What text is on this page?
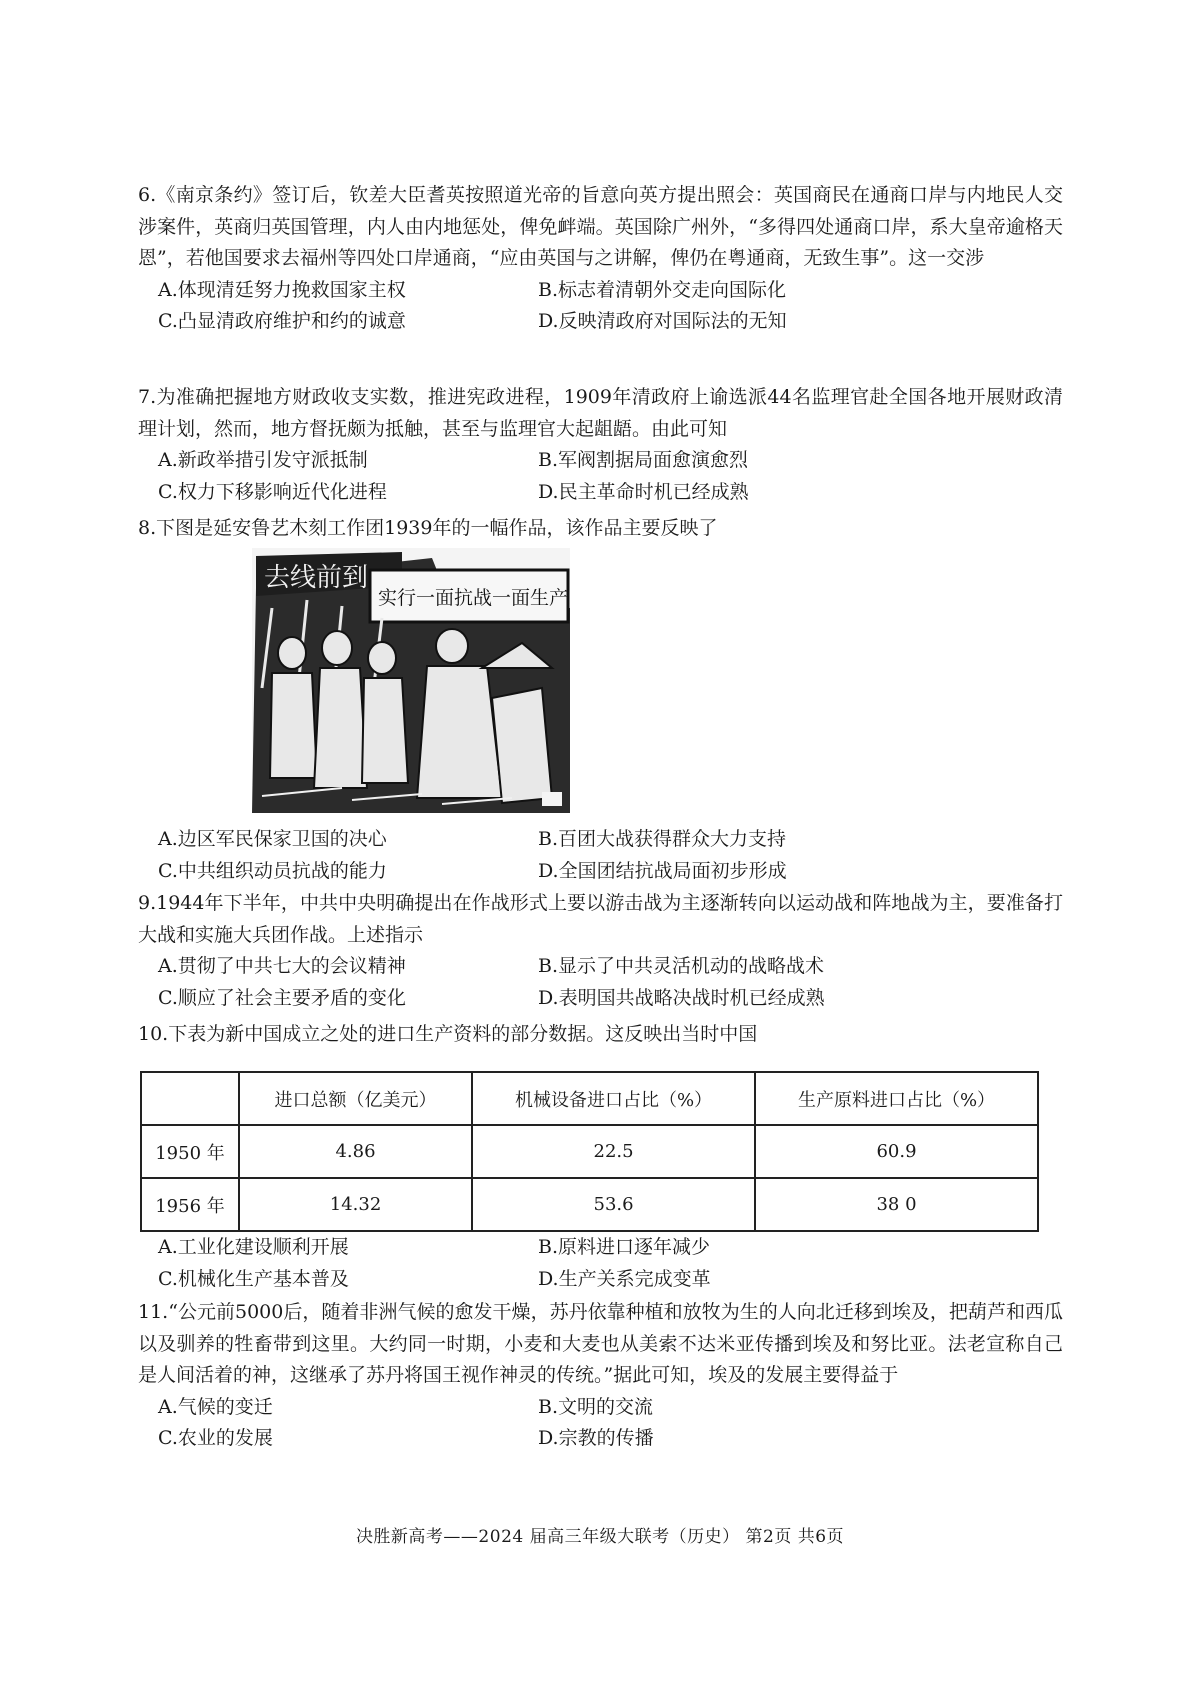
6.《南京条约》签订后，钦差大臣耆英按照道光帝的旨意向英方提出照会：英国商民在通商口岸与内地民人交涉案件，英商归英国管理，内人由内地惩处，俾免衅端。英国除广州外，“多得四处通商口岸，系大皇帝逾格天恩”，若他国要求去福州等四处口岸通商，“应由英国与之讲解，俾仍在粤通商，无致生事”。这一交涉

A.体现清廷努力挽救国家主权	B.标志着清朝外交走向国际化
C.凸显清政府维护和约的诚意	D.反映清政府对国际法的无知

7.为准确把握地方财政收支实数，推进宪政进程，1909年清政府上谕选派44名监理官赴全国各地开展财政清理计划，然而，地方督抚颇为抵触，甚至与监理官大起龃龉。由此可知

A.新政举措引发守派抵制	B.军阀割据局面愈演愈烈
C.权力下移影响近代化进程	D.民主革命时机已经成熟

8.下图是延安鲁艺木刻工作团1939年的一幅作品，该作品主要反映了

去线前到
实行一面抗战一面生产
A.边区军民保家卫国的决心	B.百团大战获得群众大力支持
C.中共组织动员抗战的能力	D.全国团结抗战局面初步形成

9.1944年下半年，中共中央明确提出在作战形式上要以游击战为主逐渐转向以运动战和阵地战为主，要准备打大战和实施大兵团作战。上述指示

A.贯彻了中共七大的会议精神	B.显示了中共灵活机动的战略战术
C.顺应了社会主要矛盾的变化	D.表明国共战略决战时机已经成熟

10.下表为新中国成立之处的进口生产资料的部分数据。这反映出当时中国

	进口总额（亿美元）	机械设备进口占比（%）	生产原料进口占比（%）
1950 年	4.86	22.5	60.9
1956 年	14.32	53.6	38 0
A.工业化建设顺利开展	B.原料进口逐年减少
C.机械化生产基本普及	D.生产关系完成变革

11.“公元前5000后，随着非洲气候的愈发干燥，苏丹依靠种植和放牧为生的人向北迁移到埃及，把葫芦和西瓜以及驯养的牲畜带到这里。大约同一时期，小麦和大麦也从美索不达米亚传播到埃及和努比亚。法老宣称自己是人间活着的神，这继承了苏丹将国王视作神灵的传统。”据此可知，埃及的发展主要得益于

A.气候的变迁	B.文明的交流
C.农业的发展	D.宗教的传播
决胜新高考——2024 届高三年级大联考（历史） 第2页 共6页
